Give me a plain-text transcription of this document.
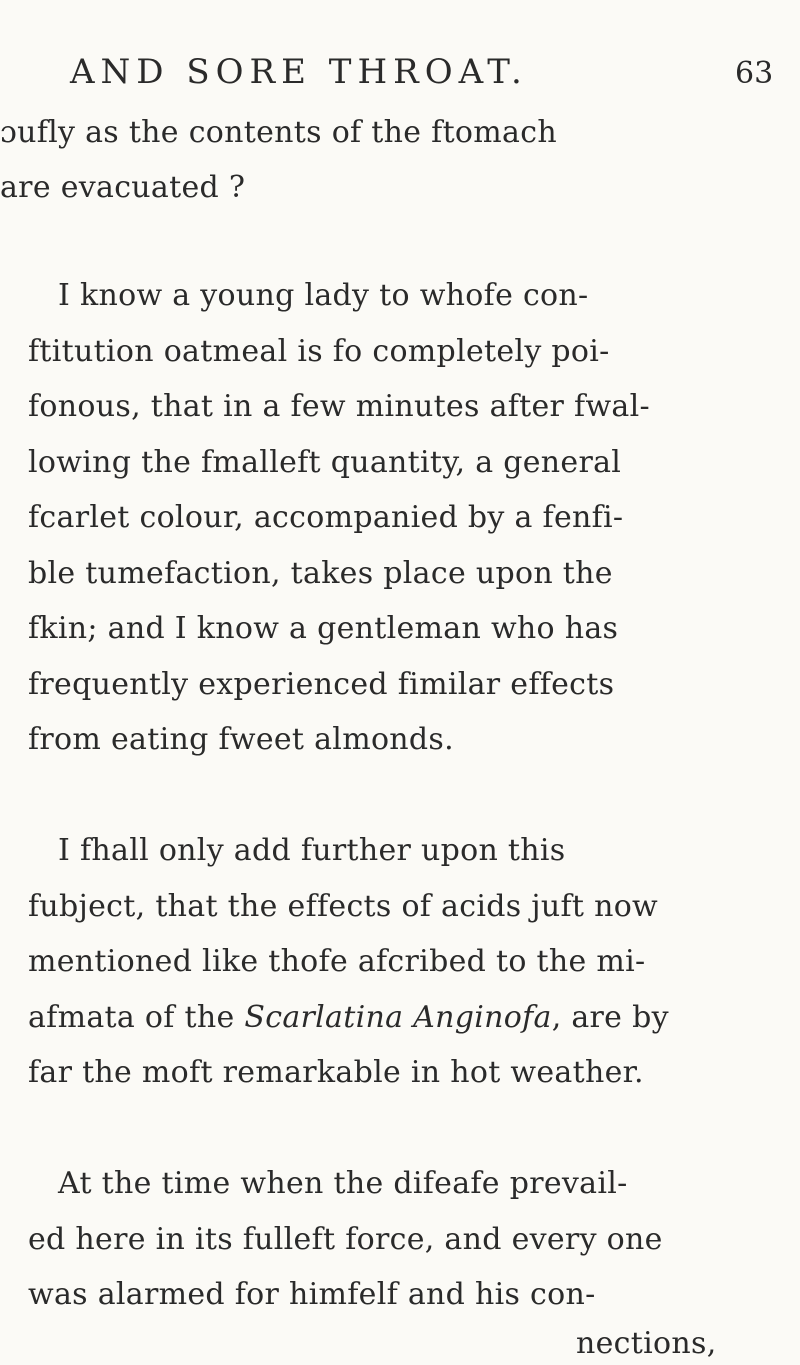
AND SORE THROAT.	63
ɔufly as the contents of the ftomach
are evacuated ?
I know a young lady to whofe con-
ftitution oatmeal is fo completely poi-
fonous, that in a few minutes after fwal-
lowing the fmalleft quantity, a general
fcarlet colour, accompanied by a fenfi-
ble tumefaction, takes place upon the
fkin; and I know a gentleman who has
frequently experienced fimilar effects
from eating fweet almonds.
I fhall only add further upon this
fubject, that the effects of acids juft now
mentioned like thofe afcribed to the mi-
afmata of the Scarlatina Anginofa, are by
far the moft remarkable in hot weather.
At the time when the difeafe prevail-
ed here in its fulleft force, and every one
was alarmed for himfelf and his con-
nections,
